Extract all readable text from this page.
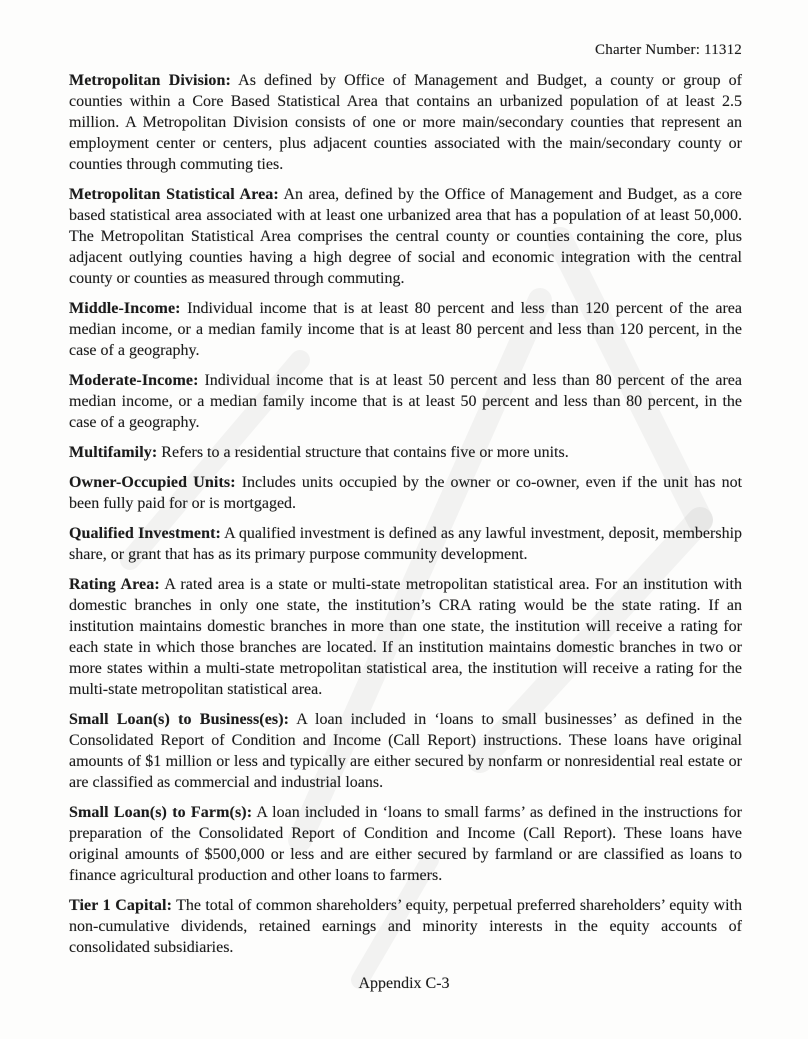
Charter Number: 11312

Metropolitan Division: As defined by Office of Management and Budget, a county or group of counties within a Core Based Statistical Area that contains an urbanized population of at least 2.5 million. A Metropolitan Division consists of one or more main/secondary counties that represent an employment center or centers, plus adjacent counties associated with the main/secondary county or counties through commuting ties.

Metropolitan Statistical Area: An area, defined by the Office of Management and Budget, as a core based statistical area associated with at least one urbanized area that has a population of at least 50,000. The Metropolitan Statistical Area comprises the central county or counties containing the core, plus adjacent outlying counties having a high degree of social and economic integration with the central county or counties as measured through commuting.

Middle-Income: Individual income that is at least 80 percent and less than 120 percent of the area median income, or a median family income that is at least 80 percent and less than 120 percent, in the case of a geography.

Moderate-Income: Individual income that is at least 50 percent and less than 80 percent of the area median income, or a median family income that is at least 50 percent and less than 80 percent, in the case of a geography.

Multifamily: Refers to a residential structure that contains five or more units.

Owner-Occupied Units: Includes units occupied by the owner or co-owner, even if the unit has not been fully paid for or is mortgaged.

Qualified Investment: A qualified investment is defined as any lawful investment, deposit, membership share, or grant that has as its primary purpose community development.

Rating Area: A rated area is a state or multi-state metropolitan statistical area. For an institution with domestic branches in only one state, the institution’s CRA rating would be the state rating. If an institution maintains domestic branches in more than one state, the institution will receive a rating for each state in which those branches are located. If an institution maintains domestic branches in two or more states within a multi-state metropolitan statistical area, the institution will receive a rating for the multi-state metropolitan statistical area.

Small Loan(s) to Business(es): A loan included in ‘loans to small businesses’ as defined in the Consolidated Report of Condition and Income (Call Report) instructions. These loans have original amounts of $1 million or less and typically are either secured by nonfarm or nonresidential real estate or are classified as commercial and industrial loans.

Small Loan(s) to Farm(s): A loan included in ‘loans to small farms’ as defined in the instructions for preparation of the Consolidated Report of Condition and Income (Call Report). These loans have original amounts of $500,000 or less and are either secured by farmland or are classified as loans to finance agricultural production and other loans to farmers.

Tier 1 Capital: The total of common shareholders’ equity, perpetual preferred shareholders’ equity with non-cumulative dividends, retained earnings and minority interests in the equity accounts of consolidated subsidiaries.

Appendix C-3
